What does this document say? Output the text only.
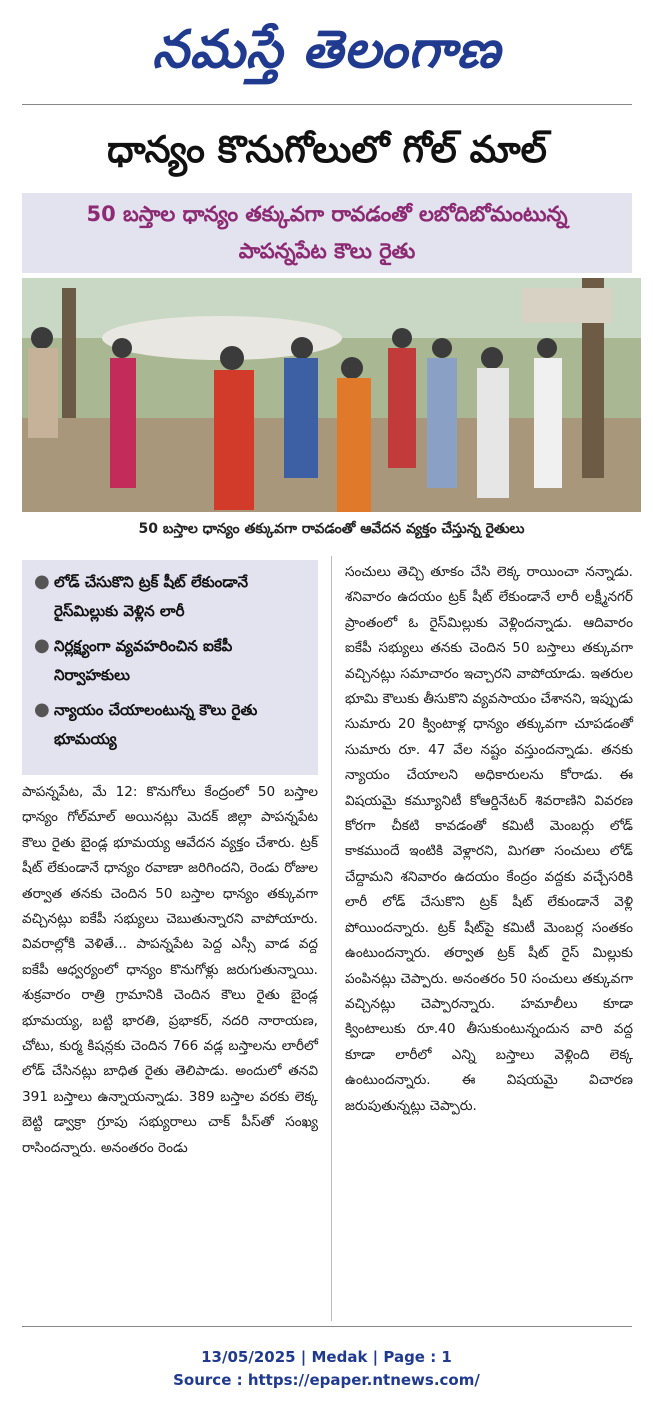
నమస్తే తెలంగాణ
ధాన్యం కొనుగోలులో గోల్ మాల్
50 బస్తాల ధాన్యం తక్కువగా రావడంతో లబోదిబోమంటున్న
పాపన్నపేట కౌలు రైతు
50 బస్తాల ధాన్యం తక్కువగా రావడంతో ఆవేదన వ్యక్తం చేస్తున్న రైతులు
● లోడ్ చేసుకొని ట్రక్ షీట్ లేకుండానే రైస్‌మిల్లుకు వెళ్లిన లారీ
● నిర్లక్ష్యంగా వ్యవహరించిన ఐకేపీ నిర్వాహకులు
● న్యాయం చేయాలంటున్న కౌలు రైతు భూమయ్య

పాపన్నపేట, మే 12: కొనుగోలు కేంద్రంలో 50 బస్తాల ధాన్యం గోల్‌మాల్ అయినట్లు మెదక్ జిల్లా పాపన్నపేట కౌలు రైతు బైండ్ల భూమయ్య ఆవేదన వ్యక్తం చేశారు. ట్రక్ షీట్ లేకుండానే ధాన్యం రవాణా జరిగిందని, రెండు రోజుల తర్వాత తనకు చెందిన 50 బస్తాల ధాన్యం తక్కువగా వచ్చినట్లు ఐకేపీ సభ్యులు చెబుతున్నారని వాపోయారు. వివరాల్లోకి వెళితే... పాపన్నపేట పెద్ద ఎస్సీ వాడ వద్ద ఐకేపీ ఆధ్వర్యంలో ధాన్యం కొనుగోళ్లు జరుగుతున్నాయి. శుక్రవారం రాత్రి గ్రామానికి చెందిన కౌలు రైతు బైండ్ల భూమయ్య, బట్టి భారతి, ప్రభాకర్, నదరి నారాయణ, చోటు, కుర్మ కిషన్లకు చెందిన 766 వడ్ల బస్తాలను లారీలో లోడ్ చేసినట్లు బాధిత రైతు తెలిపాడు. అందులో తనవి 391 బస్తాలు ఉన్నాయన్నాడు. 389 బస్తాల వరకు లెక్క బెట్టి డ్వాక్రా గ్రూపు సభ్యురాలు చాక్ పీస్‌తో సంఖ్య రాసిందన్నారు. అనంతరం రెండు

సంచులు తెచ్చి తూకం చేసి లెక్క రాయించా నన్నాడు. శనివారం ఉదయం ట్రక్ షీట్ లేకుండానే లారీ లక్ష్మీనగర్ ప్రాంతంలో ఓ రైస్‌మిల్లుకు వెళ్లిందన్నాడు. ఆదివారం ఐకేపీ సభ్యులు తనకు చెందిన 50 బస్తాలు తక్కువగా వచ్చినట్లు సమాచారం ఇచ్చారని వాపోయాడు. ఇతరుల భూమి కౌలుకు తీసుకొని వ్యవసాయం చేశానని, ఇప్పుడు సుమారు 20 క్వింటాళ్ల ధాన్యం తక్కువగా చూపడంతో సుమారు రూ. 47 వేల నష్టం వస్తుందన్నాడు. తనకు న్యాయం చేయాలని అధికారులను కోరాడు. ఈ విషయమై కమ్యూనిటీ కోఆర్డినేటర్ శివరాణిని వివరణ కోరగా చీకటి కావడంతో కమిటీ మెంబర్లు లోడ్ కాకముందే ఇంటికి వెళ్లారని, మిగతా సంచులు లోడ్ చేద్దామని శనివారం ఉదయం కేంద్రం వద్దకు వచ్చేసరికి లారీ లోడ్ చేసుకొని ట్రక్ షీట్ లేకుండానే వెళ్లి పోయిందన్నారు. ట్రక్ షీట్‌పై కమిటీ మెంబర్ల సంతకం ఉంటుందన్నారు. తర్వాత ట్రక్ షీట్ రైస్ మిల్లుకు పంపినట్లు చెప్పారు. అనంతరం 50 సంచులు తక్కువగా వచ్చినట్లు చెప్పారన్నారు. హమాలీలు కూడా క్వింటాలుకు రూ.40 తీసుకుంటున్నందున వారి వద్ద కూడా లారీలో ఎన్ని బస్తాలు వెళ్లింది లెక్క ఉంటుందన్నారు. ఈ విషయమై విచారణ జరుపుతున్నట్లు చెప్పారు.

13/05/2025 | Medak | Page : 1
Source : https://epaper.ntnews.com/
